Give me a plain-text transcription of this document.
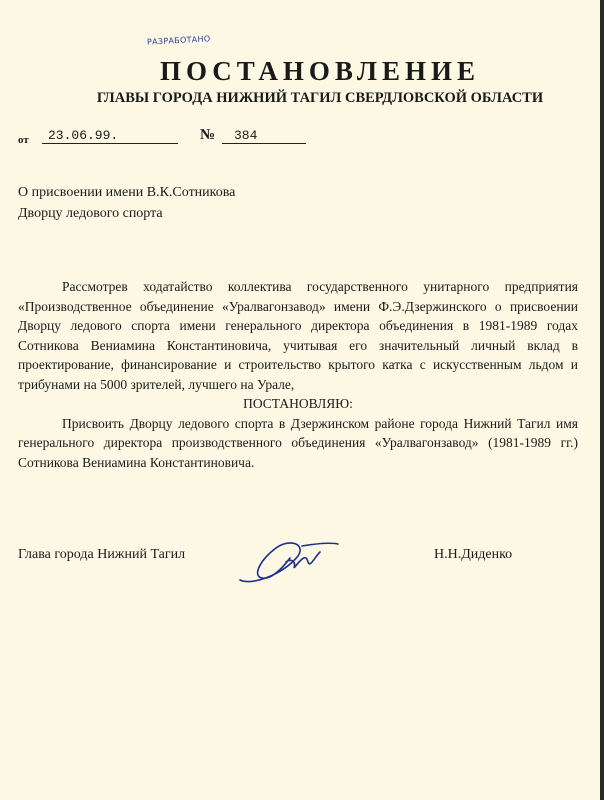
РАЗРАБОТАНО
ПОСТАНОВЛЕНИЕ
ГЛАВЫ ГОРОДА НИЖНИЙ ТАГИЛ СВЕРДЛОВСКОЙ ОБЛАСТИ
от	23.06.99.	№	384
О присвоении имени В.К.Сотникова
Дворцу ледового спорта

Рассмотрев ходатайство коллектива государственного унитарного предприятия «Производственное объединение «Уралвагонзавод» имени Ф.Э.Дзержинского о присвоении Дворцу ледового спорта имени генерального директора объединения в 1981-1989 годах Сотникова Вениамина Константиновича, учитывая его значительный личный вклад в проектирование, финансирование и строительство крытого катка с искусственным льдом и трибунами на 5000 зрителей, лучшего на Урале,

ПОСТАНОВЛЯЮ:

Присвоить Дворцу ледового спорта в Дзержинском районе города Нижний Тагил имя генерального директора производственного объединения «Уралвагонзавод» (1981-1989 гг.) Сотникова Вениамина Константиновича.

Глава города Нижний Тагил	Н.Н.Диденко
